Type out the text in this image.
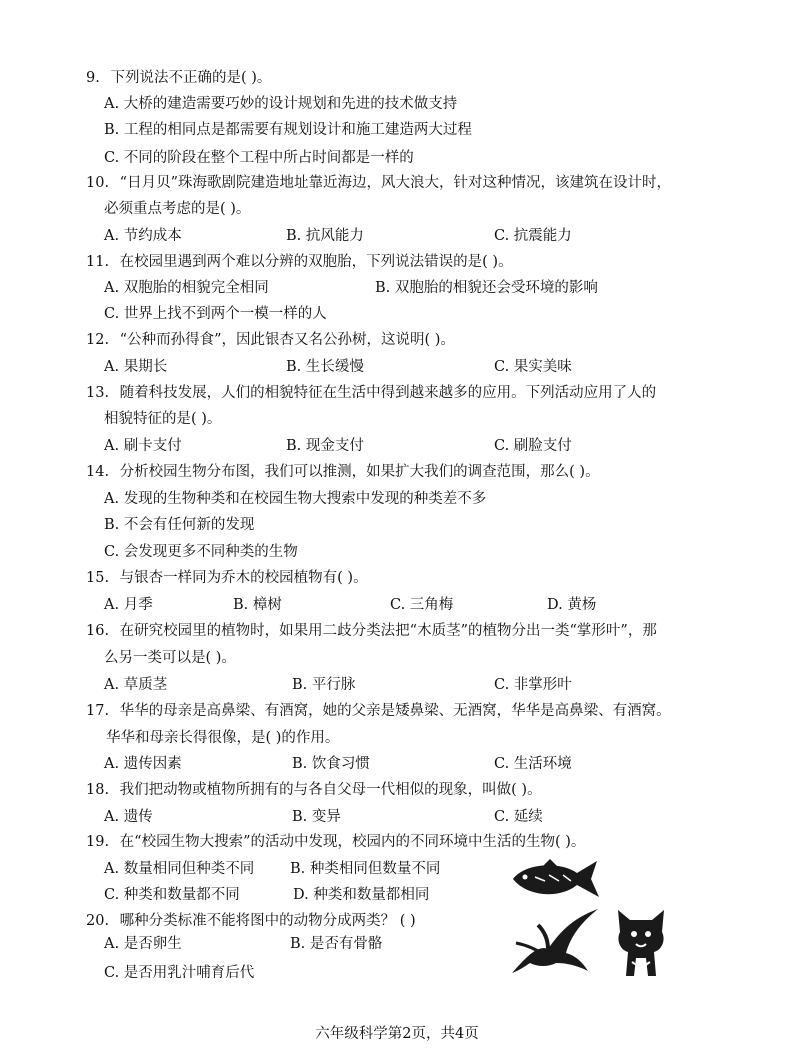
9. 下列说法不正确的是( )。
A. 大桥的建造需要巧妙的设计规划和先进的技术做支持
B. 工程的相同点是都需要有规划设计和施工建造两大过程
C. 不同的阶段在整个工程中所占时间都是一样的
10. “日月贝”珠海歌剧院建造地址靠近海边，风大浪大，针对这种情况，该建筑在设计时，
必须重点考虑的是( )。
A. 节约成本	B. 抗风能力	C. 抗震能力
11. 在校园里遇到两个难以分辨的双胞胎，下列说法错误的是( )。
A. 双胞胎的相貌完全相同	B. 双胞胎的相貌还会受环境的影响
C. 世界上找不到两个一模一样的人
12. “公种而孙得食”，因此银杏又名公孙树，这说明( )。
A. 果期长	B. 生长缓慢	C. 果实美味
13. 随着科技发展，人们的相貌特征在生活中得到越来越多的应用。下列活动应用了人的
相貌特征的是( )。
A. 刷卡支付	B. 现金支付	C. 刷脸支付
14. 分析校园生物分布图，我们可以推测，如果扩大我们的调查范围，那么( )。
A. 发现的生物种类和在校园生物大搜索中发现的种类差不多
B. 不会有任何新的发现
C. 会发现更多不同种类的生物
15. 与银杏一样同为乔木的校园植物有( )。
A. 月季	B. 樟树	C. 三角梅	D. 黄杨
16. 在研究校园里的植物时，如果用二歧分类法把“木质茎”的植物分出一类“掌形叶”，那
么另一类可以是( )。
A. 草质茎	B. 平行脉	C. 非掌形叶
17. 华华的母亲是高鼻梁、有酒窝，她的父亲是矮鼻梁、无酒窝，华华是高鼻梁、有酒窝。
华华和母亲长得很像，是( )的作用。
A. 遗传因素	B. 饮食习惯	C. 生活环境
18. 我们把动物或植物所拥有的与各自父母一代相似的现象，叫做( )。
A. 遗传	B. 变异	C. 延续
19. 在“校园生物大搜索”的活动中发现，校园内的不同环境中生活的生物( )。
A. 数量相同但种类不同 B. 种类相同但数量不同
C. 种类和数量都不同	D. 种类和数量都相同
20. 哪种分类标准不能将图中的动物分成两类？ ( )
A. 是否卵生	B. 是否有骨骼
C. 是否用乳汁哺育后代
六年级科学第2页，共4页
